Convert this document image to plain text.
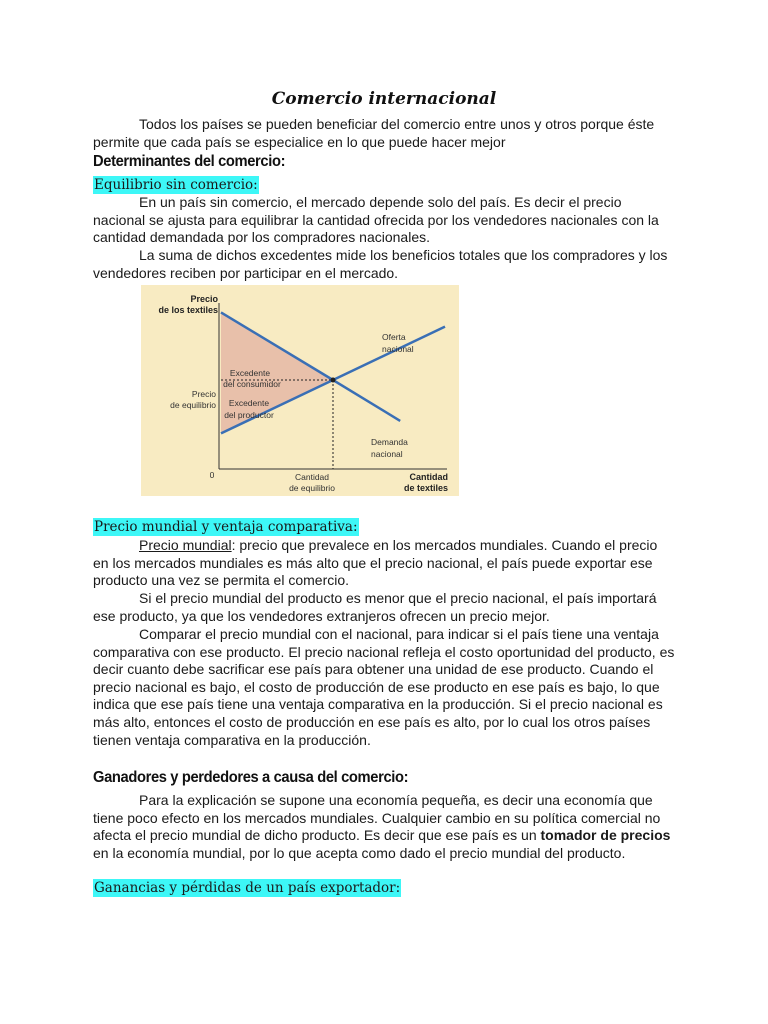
Comercio internacional

Todos los países se pueden beneficiar del comercio entre unos y otros porque éste permite que cada país se especialice en lo que puede hacer mejor

Determinantes del comercio:
Equilibrio sin comercio:

En un país sin comercio, el mercado depende solo del país. Es decir el precio nacional se ajusta para equilibrar la cantidad ofrecida por los vendedores nacionales con la cantidad demandada por los compradores nacionales.

La suma de dichos excedentes mide los beneficios totales que los compradores y los vendedores reciben por participar en el mercado.

Precio
de los textiles
Precio
de equilibrio
0	Cantidad
de equilibrio
Cantidad
de textiles
Oferta
nacional
Demanda
nacional
Excedente
del consumidor
Excedente
del productor
Precio mundial y ventaja comparativa:

Precio mundial: precio que prevalece en los mercados mundiales. Cuando el precio en los mercados mundiales es más alto que el precio nacional, el país puede exportar ese producto una vez se permita el comercio.

Si el precio mundial del producto es menor que el precio nacional, el país importará ese producto, ya que los vendedores extranjeros ofrecen un precio mejor.

Comparar el precio mundial con el nacional, para indicar si el país tiene una ventaja comparativa con ese producto. El precio nacional refleja el costo oportunidad del producto, es decir cuanto debe sacrificar ese país para obtener una unidad de ese producto. Cuando el precio nacional es bajo, el costo de producción de ese producto en ese país es bajo, lo que indica que ese país tiene una ventaja comparativa en la producción. Si el precio nacional es más alto, entonces el costo de producción en ese país es alto, por lo cual los otros países tienen ventaja comparativa en la producción.

Ganadores y perdedores a causa del comercio:

Para la explicación se supone una economía pequeña, es decir una economía que tiene poco efecto en los mercados mundiales. Cualquier cambio en su política comercial no afecta el precio mundial de dicho producto. Es decir que ese país es un tomador de precios en la economía mundial, por lo que acepta como dado el precio mundial del producto.

Ganancias y pérdidas de un país exportador:
